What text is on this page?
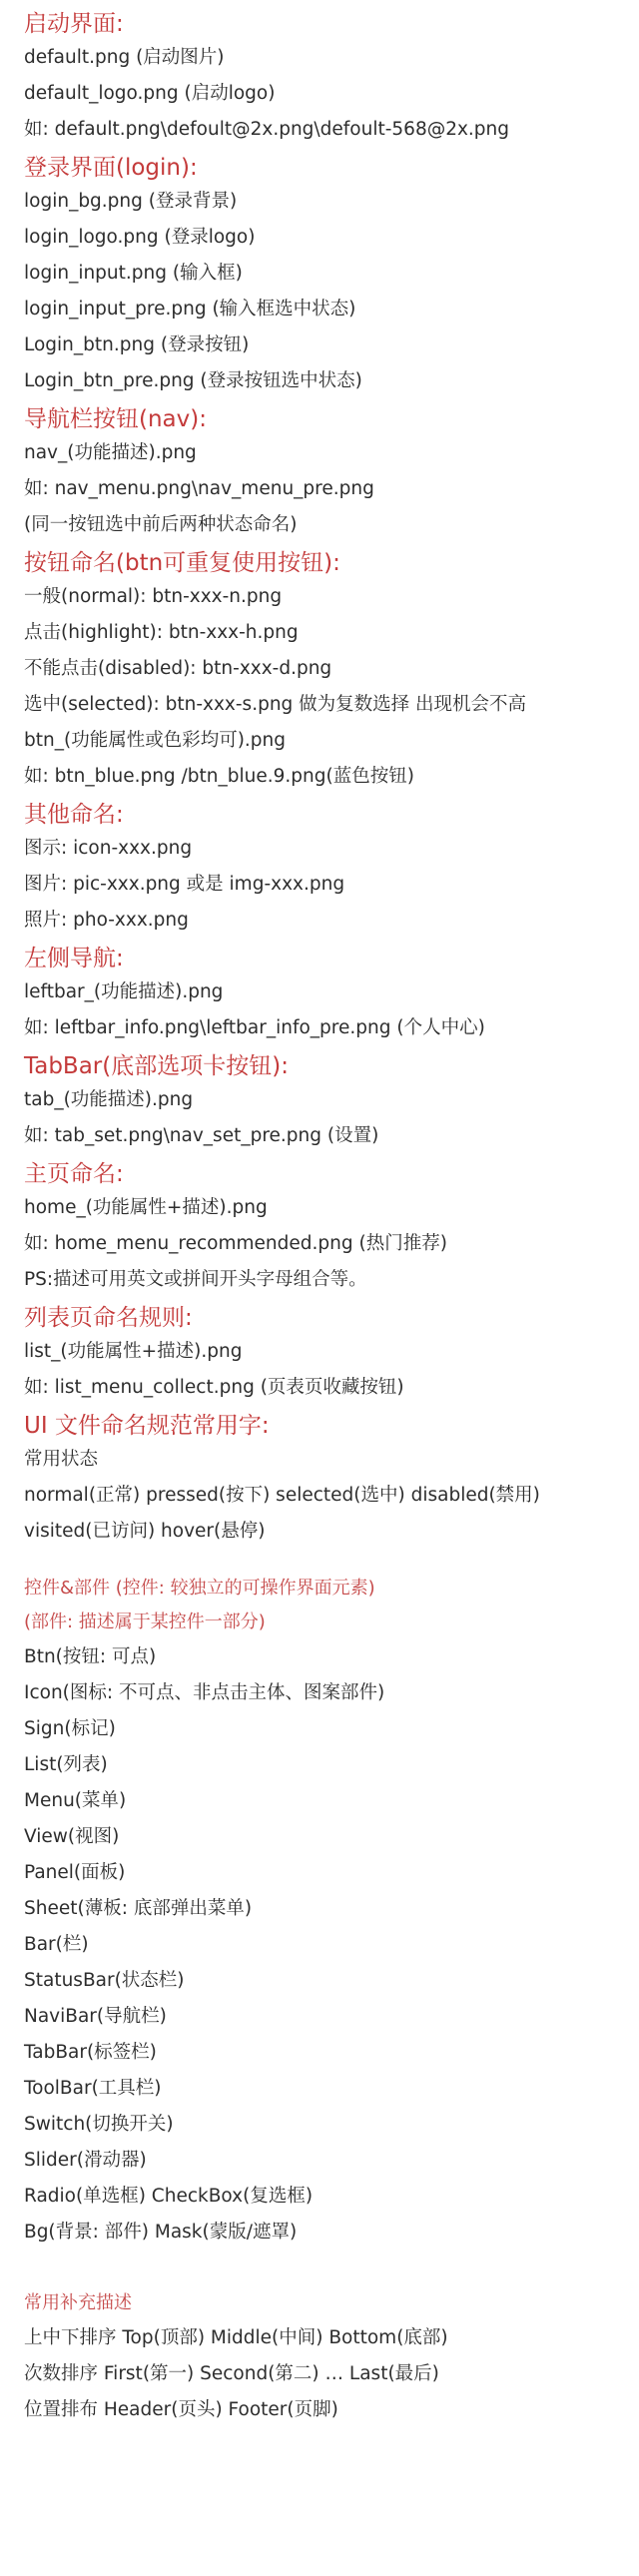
启动界面:
default.png (启动图片)
default_logo.png (启动logo)
如: default.png\defoult@2x.png\defoult-568@2x.png
登录界面(login):
login_bg.png (登录背景)
login_logo.png (登录logo)
login_input.png (输入框)
login_input_pre.png (输入框选中状态)
Login_btn.png (登录按钮)
Login_btn_pre.png (登录按钮选中状态)
导航栏按钮(nav):
nav_(功能描述).png
如: nav_menu.png\nav_menu_pre.png
(同一按钮选中前后两种状态命名)
按钮命名(btn可重复使用按钮):
一般(normal): btn-xxx-n.png
点击(highlight): btn-xxx-h.png
不能点击(disabled): btn-xxx-d.png
选中(selected): btn-xxx-s.png 做为复数选择 出现机会不高
btn_(功能属性或色彩均可).png
如: btn_blue.png /btn_blue.9.png(蓝色按钮)
其他命名:
图示: icon-xxx.png
图片: pic-xxx.png 或是 img-xxx.png
照片: pho-xxx.png
左侧导航:
leftbar_(功能描述).png
如: leftbar_info.png\leftbar_info_pre.png (个人中心)
TabBar(底部选项卡按钮):
tab_(功能描述).png
如: tab_set.png\nav_set_pre.png (设置)
主页命名:
home_(功能属性+描述).png
如: home_menu_recommended.png (热门推荐)
PS:描述可用英文或拼间开头字母组合等。
列表页命名规则:
list_(功能属性+描述).png
如: list_menu_collect.png (页表页收藏按钮)
UI 文件命名规范常用字:
常用状态
normal(正常) pressed(按下) selected(选中) disabled(禁用)
visited(已访问) hover(悬停)
控件&部件 (控件: 较独立的可操作界面元素)
(部件: 描述属于某控件一部分)
Btn(按钮: 可点)
Icon(图标: 不可点、非点击主体、图案部件)
Sign(标记)
List(列表)
Menu(菜单)
View(视图)
Panel(面板)
Sheet(薄板: 底部弹出菜单)
Bar(栏)
StatusBar(状态栏)
NaviBar(导航栏)
TabBar(标签栏)
ToolBar(工具栏)
Switch(切换开关)
Slider(滑动器)
Radio(单选框) CheckBox(复选框)
Bg(背景: 部件) Mask(蒙版/遮罩)
常用补充描述
上中下排序 Top(顶部) Middle(中间) Bottom(底部)
次数排序 First(第一) Second(第二) … Last(最后)
位置排布 Header(页头) Footer(页脚)
